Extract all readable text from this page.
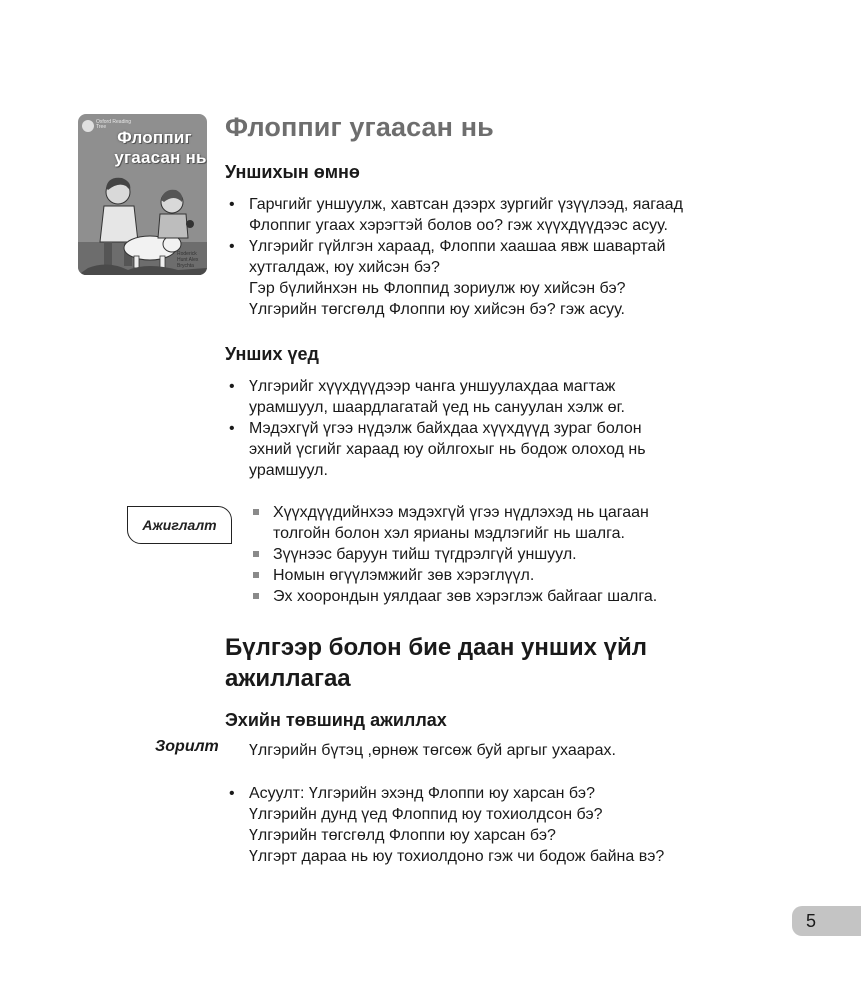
Oxford Reading Tree
Флоппиг
угаасан нь
Roderick Hunt Alex Brychta
Флоппиг угаасан нь
Уншихын өмнө
• Гарчгийг уншуулж, хавтсан дээрх зургийг үзүүлээд, яагаад
Флоппиг угаах хэрэгтэй болов оо? гэж хүүхдүүдээс асуу.
• Үлгэрийг гүйлгэн хараад, Флоппи хаашаа явж шавартай
хутгалдаж, юу хийсэн бэ?
Гэр бүлийнхэн нь Флоппид зориулж юу хийсэн бэ?
Үлгэрийн төгсгөлд Флоппи юу хийсэн бэ? гэж асуу.
Унших үед
• Үлгэрийг хүүхдүүдээр чанга уншуулахдаа магтаж
урамшуул, шаардлагатай үед нь сануулан хэлж өг.
• Мэдэхгүй үгээ нүдэлж байхдаа хүүхдүүд зураг болон
эхний үсгийг хараад юу ойлгохыг нь бодож олоход нь
урамшуул.
Ажиглалт
Хүүхдүүдийнхээ мэдэхгүй үгээ нүдлэхэд нь цагаан
толгойн болон хэл ярианы мэдлэгийг нь шалга.
Зүүнээс баруун тийш түгдрэлгүй уншуул.
Номын өгүүлэмжийг зөв хэрэглүүл.
Эх хоорондын уялдааг зөв хэрэглэж байгааг шалга.
Бүлгээр болон бие даан унших үйл
ажиллагаа
Эхийн төвшинд ажиллах
Зорилт Үлгэрийн бүтэц ,өрнөж төгсөж буй аргыг ухаарах.
• Асуулт: Үлгэрийн эхэнд Флоппи юу харсан бэ?
Үлгэрийн дунд үед Флоппид юу тохиолдсон бэ?
Үлгэрийн төгсгөлд Флоппи юу харсан бэ?
Үлгэрт дараа нь юу тохиолдоно гэж чи бодож байна вэ?
5
